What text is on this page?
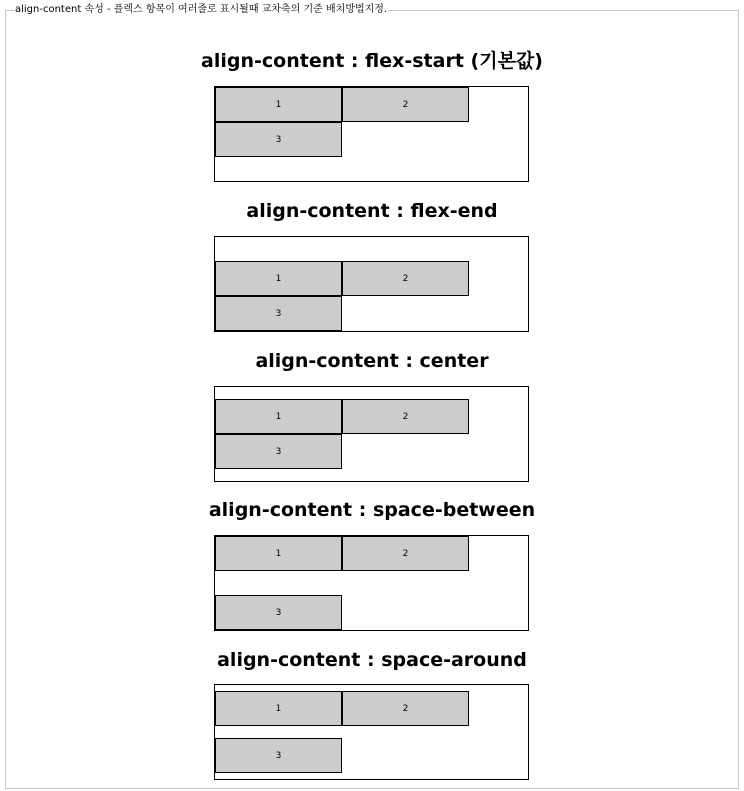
align-content 속성 - 플렉스 항목이 여러줄로 표시될때 교차축의 기준 배치방법지정.
align-content : flex-start (기본값)
1	2
3
align-content : flex-end
1	2
3
align-content : center
1	2
3
align-content : space-between
1	2
3
align-content : space-around
1	2
3
